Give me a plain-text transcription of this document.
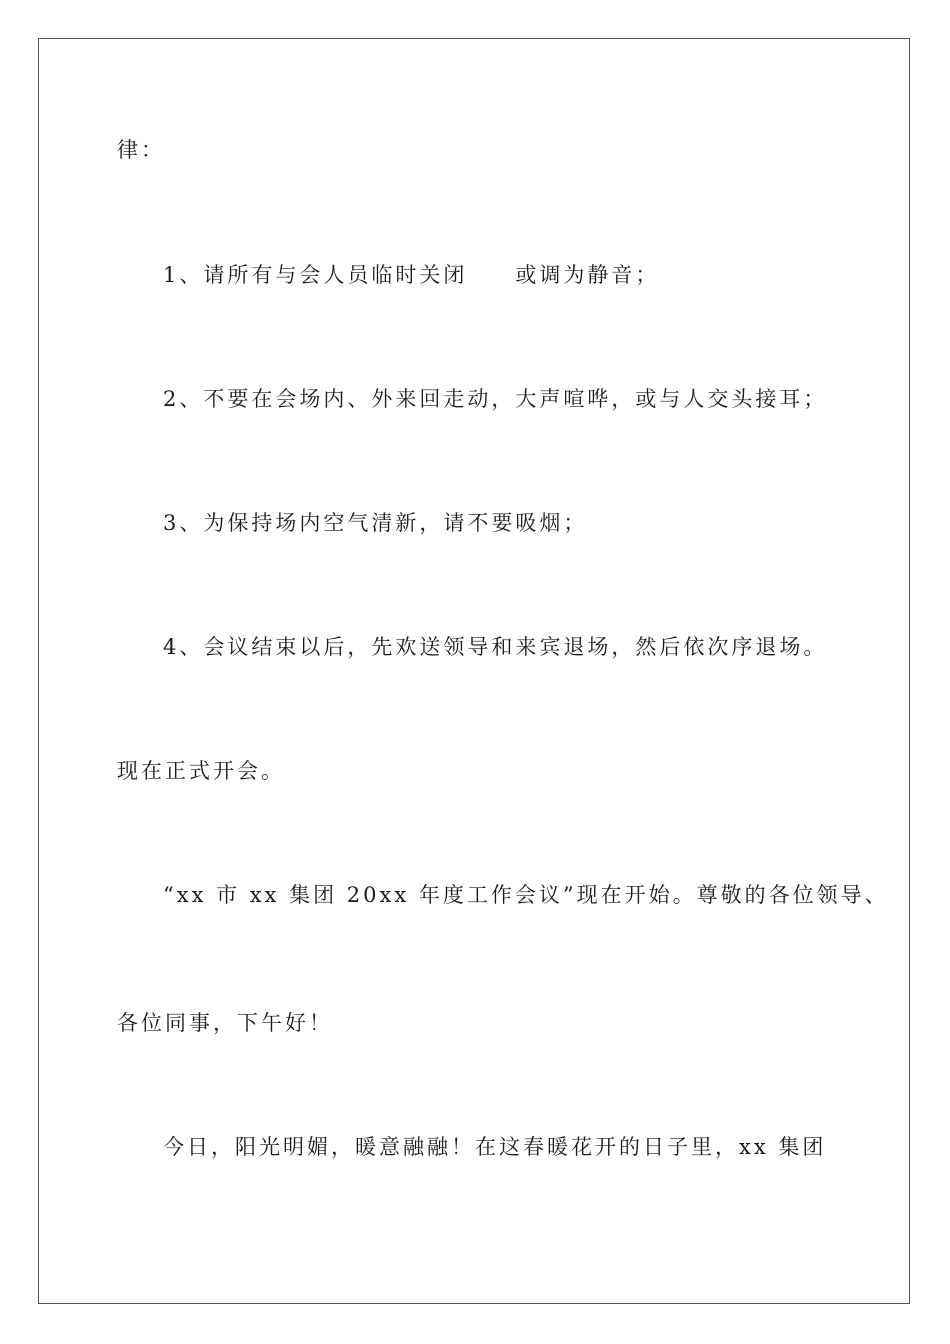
律：
1、请所有与会人员临时关闭　　或调为静音；
2、不要在会场内、外来回走动，大声喧哗，或与人交头接耳；
3、为保持场内空气清新，请不要吸烟；
4、会议结束以后，先欢送领导和来宾退场，然后依次序退场。
现在正式开会。
“xx 市 xx 集团 20xx 年度工作会议”现在开始。尊敬的各位领导、
各位同事，下午好！
今日，阳光明媚，暖意融融！在这春暖花开的日子里，xx 集团
